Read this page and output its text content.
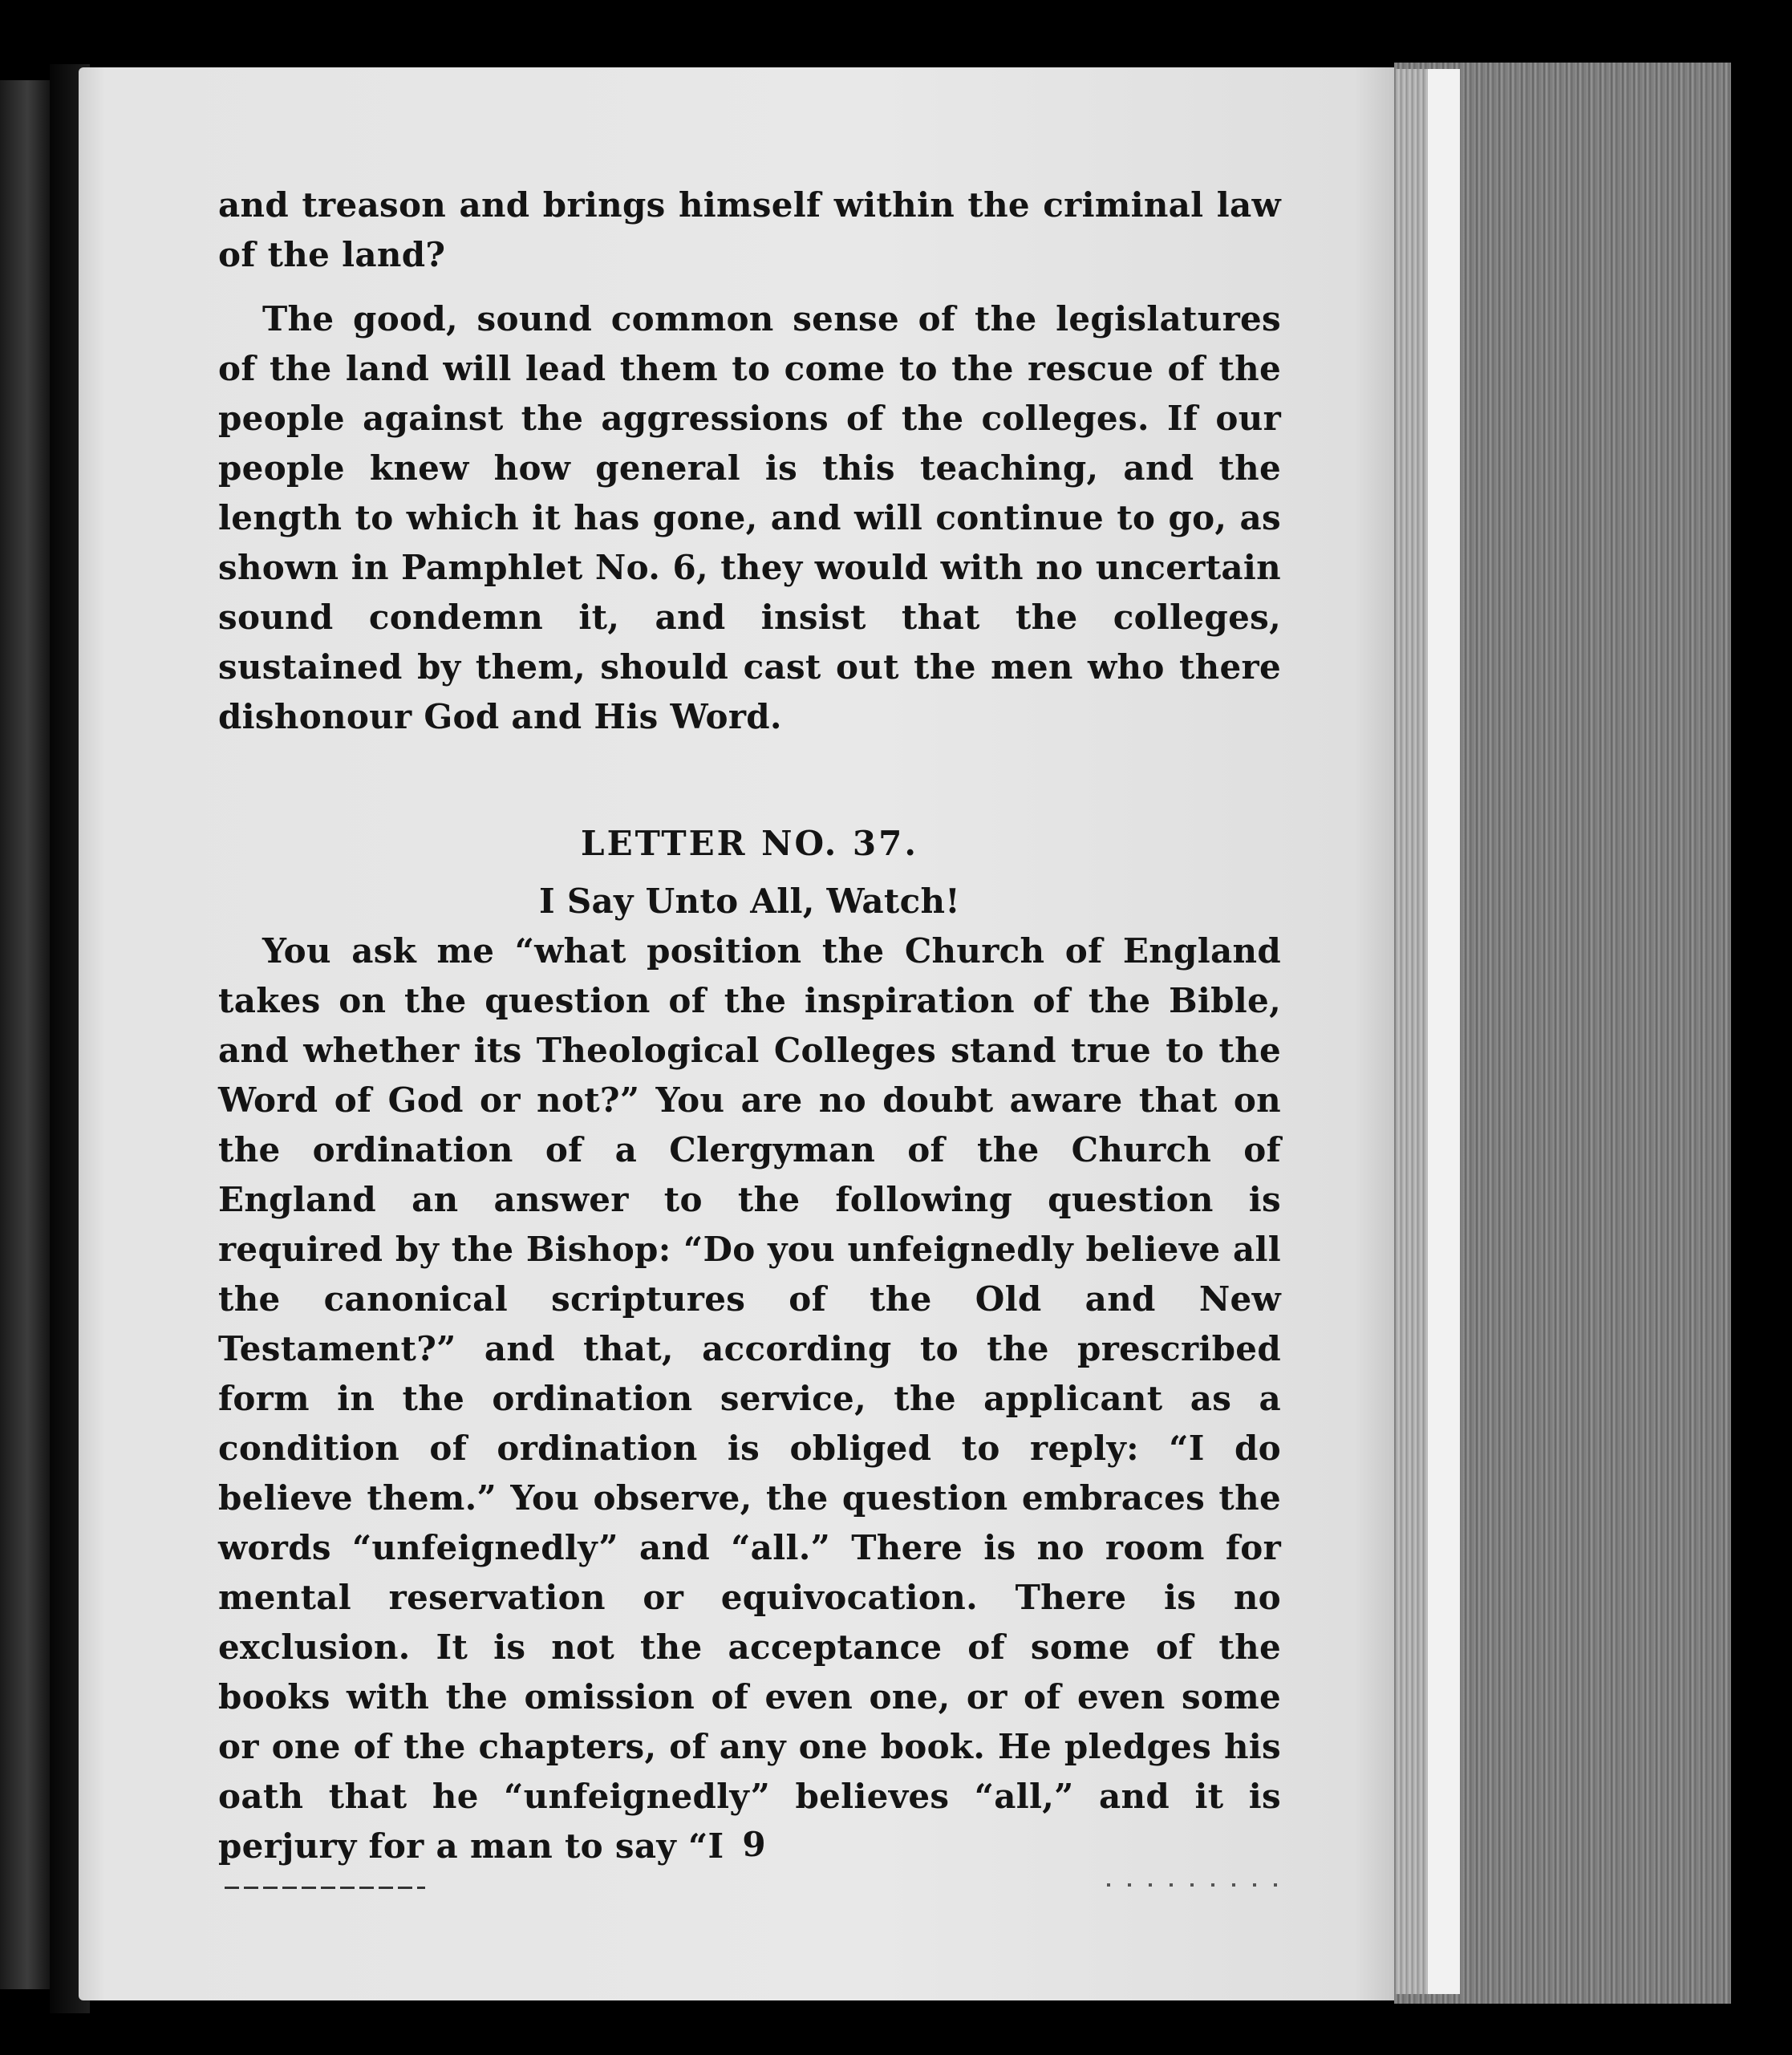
and treason and brings himself within the criminal law of the land?

The good, sound common sense of the legislatures of the land will lead them to come to the rescue of the people against the aggressions of the colleges. If our people knew how general is this teaching, and the length to which it has gone, and will continue to go, as shown in Pamphlet No. 6, they would with no uncertain sound condemn it, and insist that the colleges, sustained by them, should cast out the men who there dishonour God and His Word.

LETTER NO. 37.
I Say Unto All, Watch!

You ask me “what position the Church of England takes on the question of the inspiration of the Bible, and whether its Theological Colleges stand true to the Word of God or not?” You are no doubt aware that on the ordination of a Clergyman of the Church of England an answer to the following question is required by the Bishop: “Do you unfeignedly believe all the canonical scriptures of the Old and New Testament?” and that, according to the prescribed form in the ordination service, the applicant as a condition of ordination is obliged to reply: “I do believe them.” You observe, the question embraces the words “unfeignedly” and “all.” There is no room for mental reservation or equivocation. There is no exclusion. It is not the acceptance of some of the books with the omission of even one, or of even some or one of the chapters, of any one book. He pledges his oath that he “unfeignedly” believes “all,” and it is perjury for a man to say “I 9
